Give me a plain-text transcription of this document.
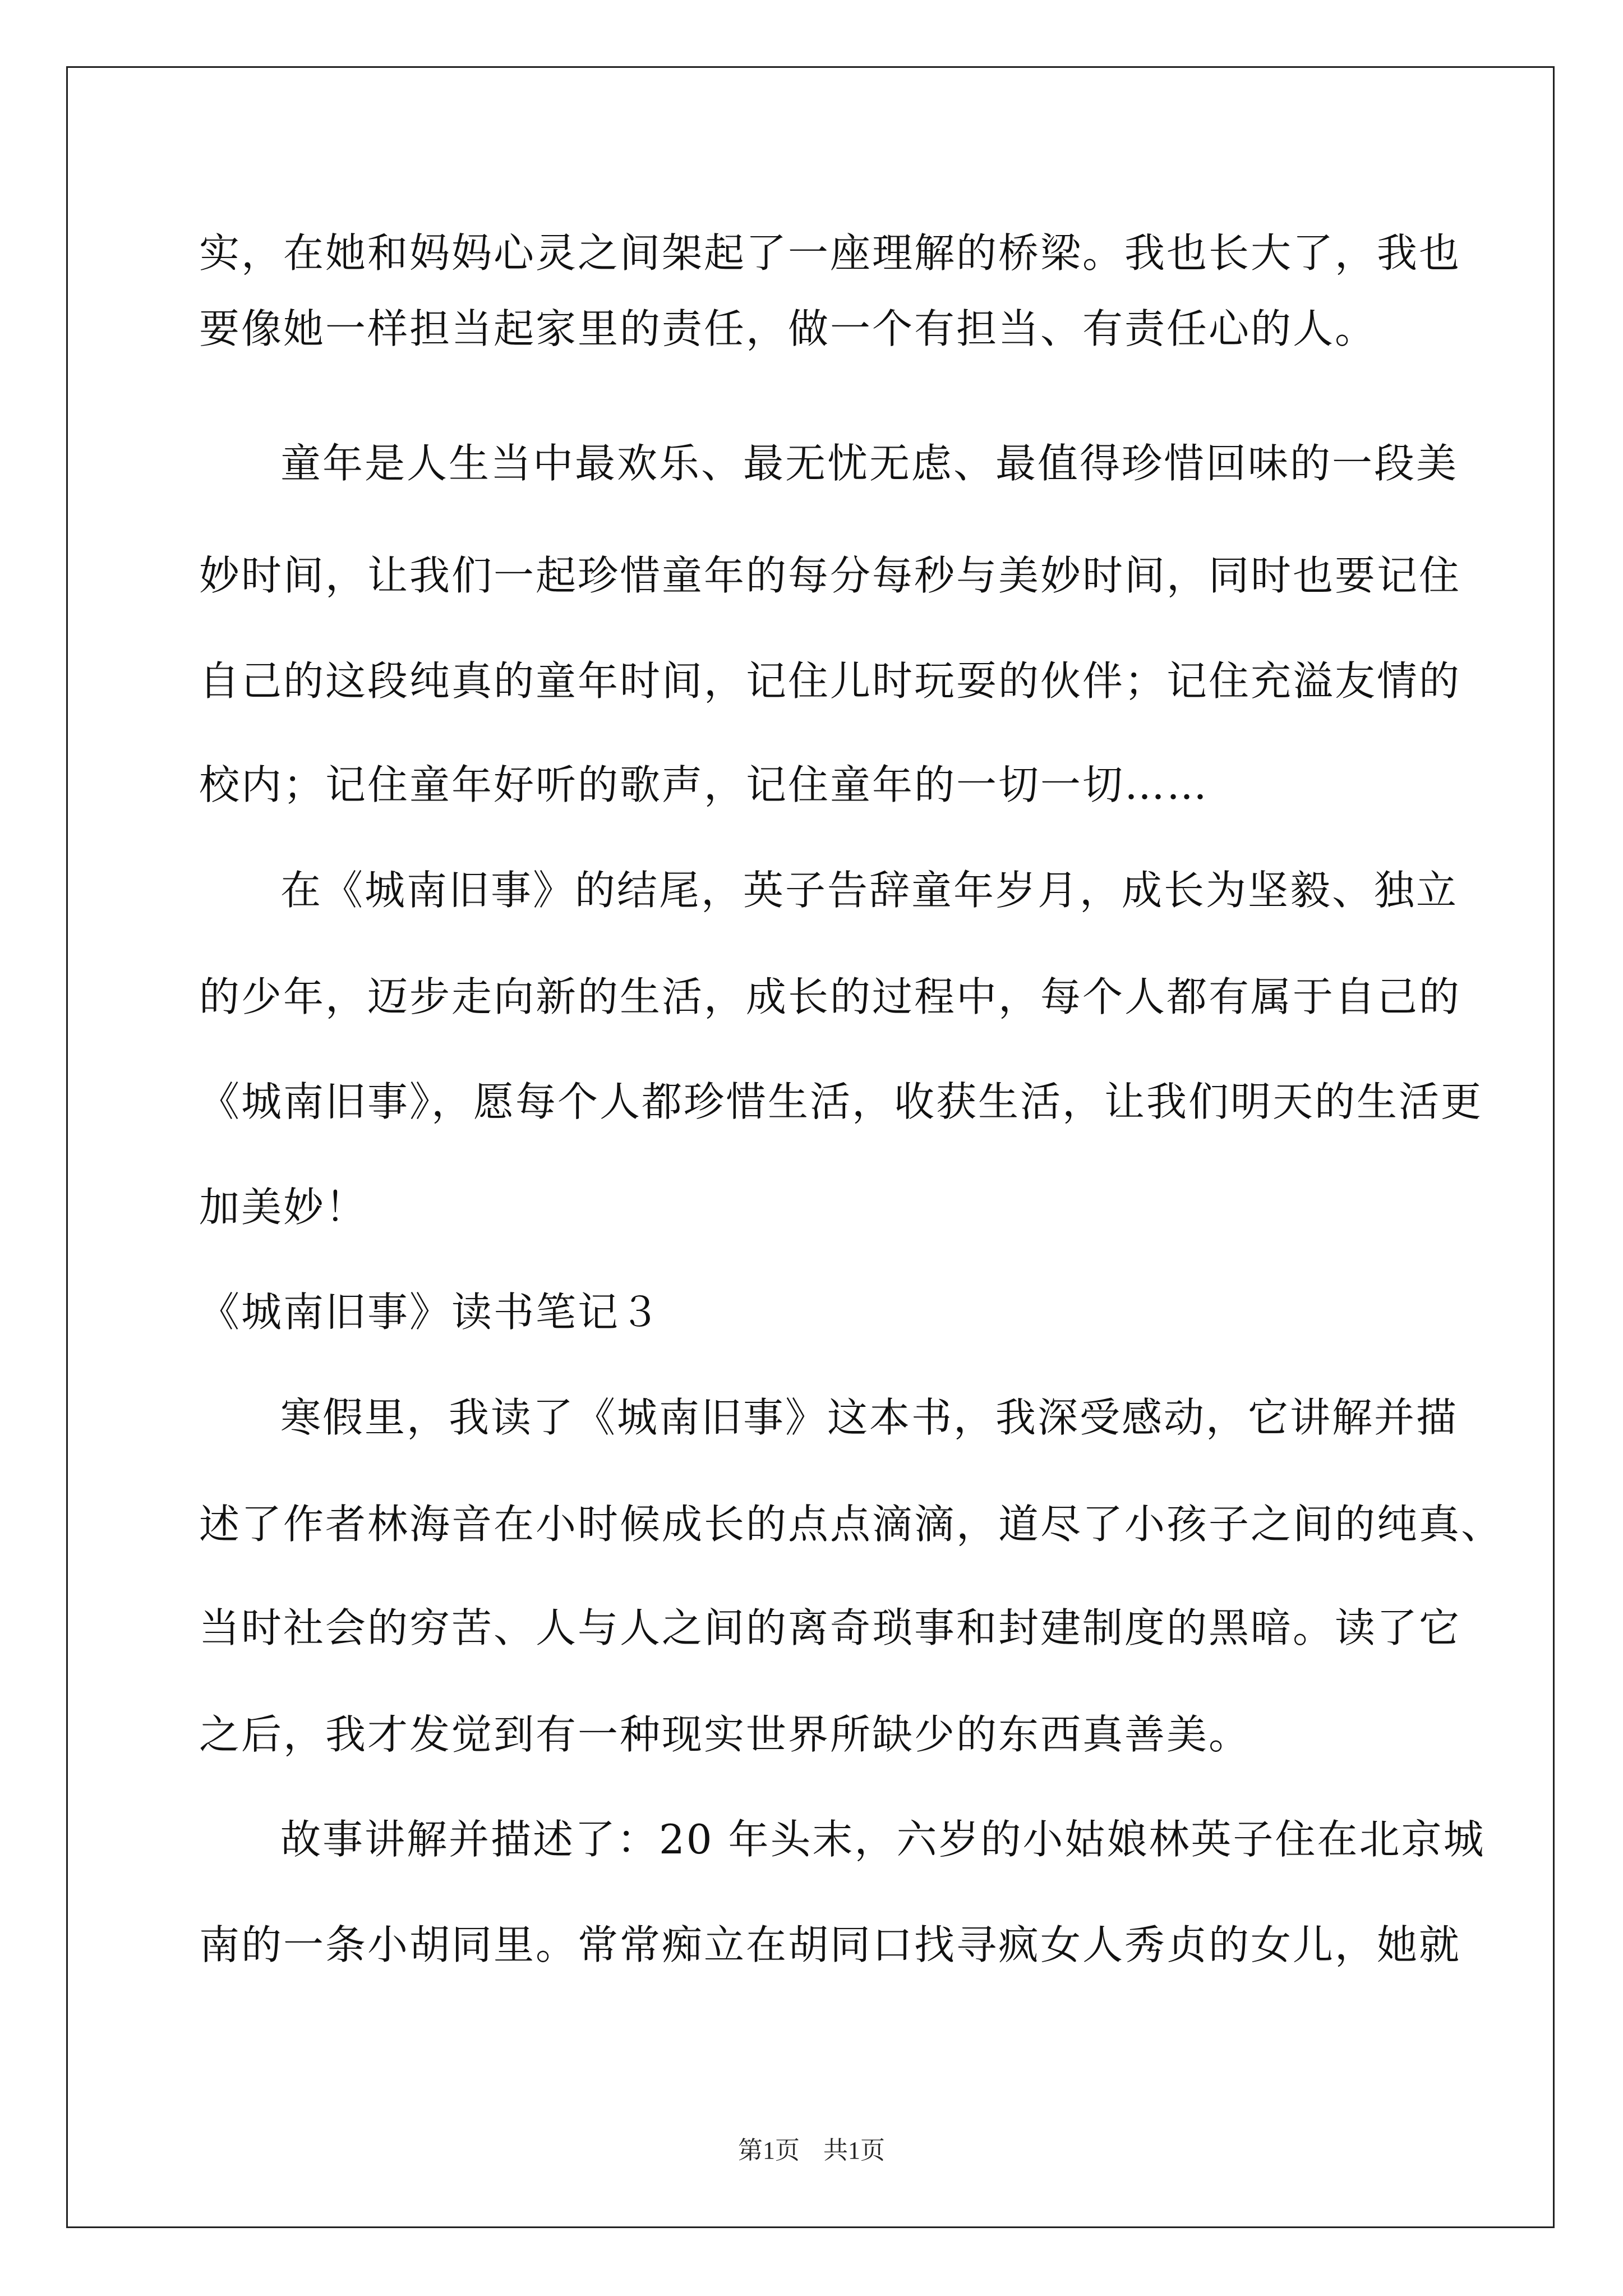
实，在她和妈妈心灵之间架起了一座理解的桥梁。我也长大了，我也
要像她一样担当起家里的责任，做一个有担当、有责任心的人。
童年是人生当中最欢乐、最无忧无虑、最值得珍惜回味的一段美
妙时间，让我们一起珍惜童年的每分每秒与美妙时间，同时也要记住
自己的这段纯真的童年时间，记住儿时玩耍的伙伴；记住充溢友情的
校内；记住童年好听的歌声，记住童年的一切一切……
在《城南旧事》的结尾，英子告辞童年岁月，成长为坚毅、独立
的少年，迈步走向新的生活，成长的过程中，每个人都有属于自己的
《城南旧事》，愿每个人都珍惜生活，收获生活，让我们明天的生活更
加美妙！
《城南旧事》读书笔记３
寒假里，我读了《城南旧事》这本书，我深受感动，它讲解并描
述了作者林海音在小时候成长的点点滴滴，道尽了小孩子之间的纯真、
当时社会的穷苦、人与人之间的离奇琐事和封建制度的黑暗。读了它
之后，我才发觉到有一种现实世界所缺少的东西真善美。
故事讲解并描述了：20 年头末，六岁的小姑娘林英子住在北京城
南的一条小胡同里。常常痴立在胡同口找寻疯女人秀贞的女儿，她就
第1页 共1页
